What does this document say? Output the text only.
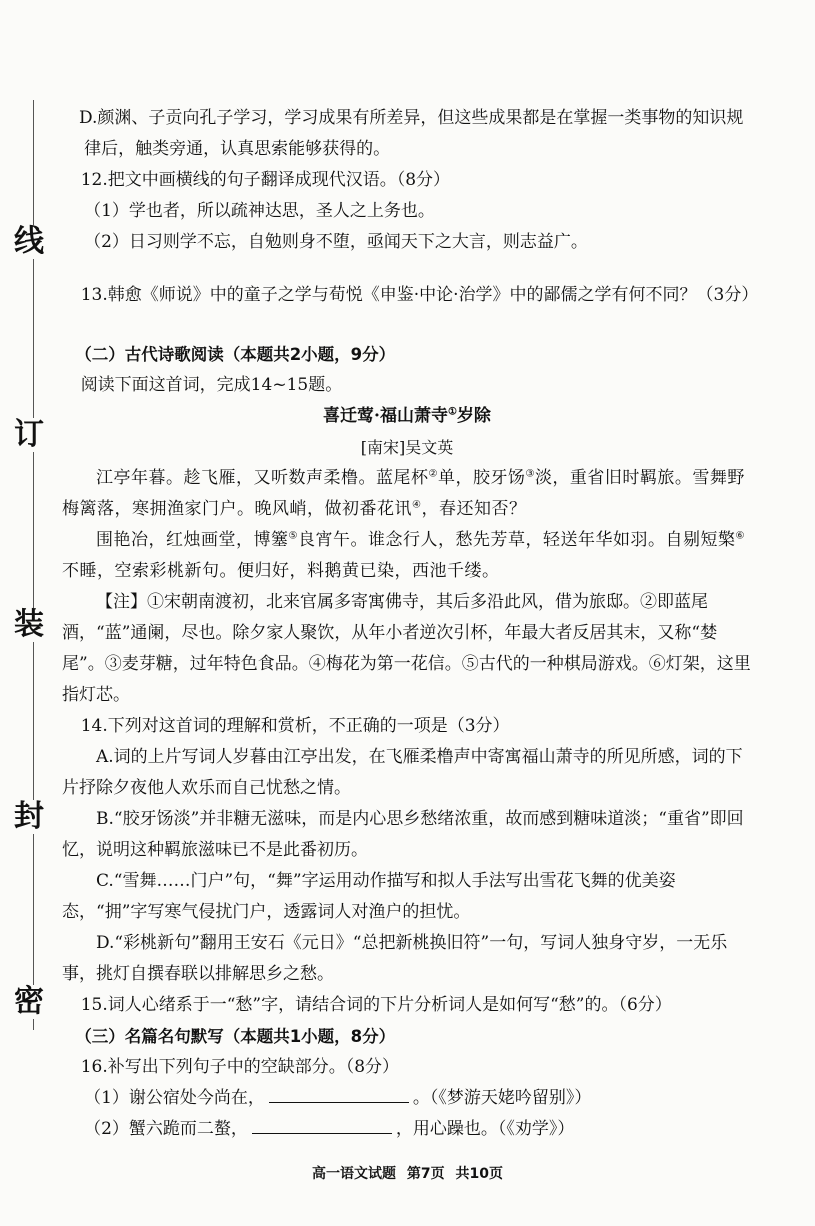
线
订
装
封
密

D.颜渊、子贡向孔子学习，学习成果有所差异，但这些成果都是在掌握一类事物的知识规律后，触类旁通，认真思索能够获得的。

12.把文中画横线的句子翻译成现代汉语。（8分）

（1）学也者，所以疏神达思，圣人之上务也。

（2）日习则学不忘，自勉则身不堕，亟闻天下之大言，则志益广。

13.韩愈《师说》中的童子之学与荀悦《申鉴·中论·治学》中的鄙儒之学有何不同？（3分）

（二）古代诗歌阅读（本题共2小题，9分）

阅读下面这首词，完成14~15题。

喜迁莺·福山萧寺①岁除

[南宋]吴文英

江亭年暮。趁飞雁，又听数声柔橹。蓝尾杯②单，胶牙饧③淡，重省旧时羁旅。雪舞野梅篱落，寒拥渔家门户。晚风峭，做初番花讯④，春还知否？

围艳冶，红烛画堂，博簺⑤良宵午。谁念行人，愁先芳草，轻送年华如羽。自剔短檠⑥不睡，空索彩桃新句。便归好，料鹅黄已染，西池千缕。

【注】①宋朝南渡初，北来官属多寄寓佛寺，其后多沿此风，借为旅邸。②即蓝尾酒，“蓝”通阑，尽也。除夕家人聚饮，从年小者逆次引杯，年最大者反居其末，又称“婪尾”。③麦芽糖，过年特色食品。④梅花为第一花信。⑤古代的一种棋局游戏。⑥灯架，这里指灯芯。

14.下列对这首词的理解和赏析，不正确的一项是（3分）

A.词的上片写词人岁暮由江亭出发，在飞雁柔橹声中寄寓福山萧寺的所见所感，词的下片抒除夕夜他人欢乐而自己忧愁之情。

B.“胶牙饧淡”并非糖无滋味，而是内心思乡愁绪浓重，故而感到糖味道淡；“重省”即回忆，说明这种羁旅滋味已不是此番初历。

C.“雪舞……门户”句，“舞”字运用动作描写和拟人手法写出雪花飞舞的优美姿态，“拥”字写寒气侵扰门户，透露词人对渔户的担忧。

D.“彩桃新句”翻用王安石《元日》“总把新桃换旧符”一句，写词人独身守岁，一无乐事，挑灯自撰春联以排解思乡之愁。

15.词人心绪系于一“愁”字，请结合词的下片分析词人是如何写“愁”的。（6分）

（三）名篇名句默写（本题共1小题，8分）

16.补写出下列句子中的空缺部分。（8分）

（1）谢公宿处今尚在，	。（《梦游天姥吟留别》）

（2）蟹六跪而二螯，	，用心躁也。（《劝学》）

高一语文试题 第7页 共10页
